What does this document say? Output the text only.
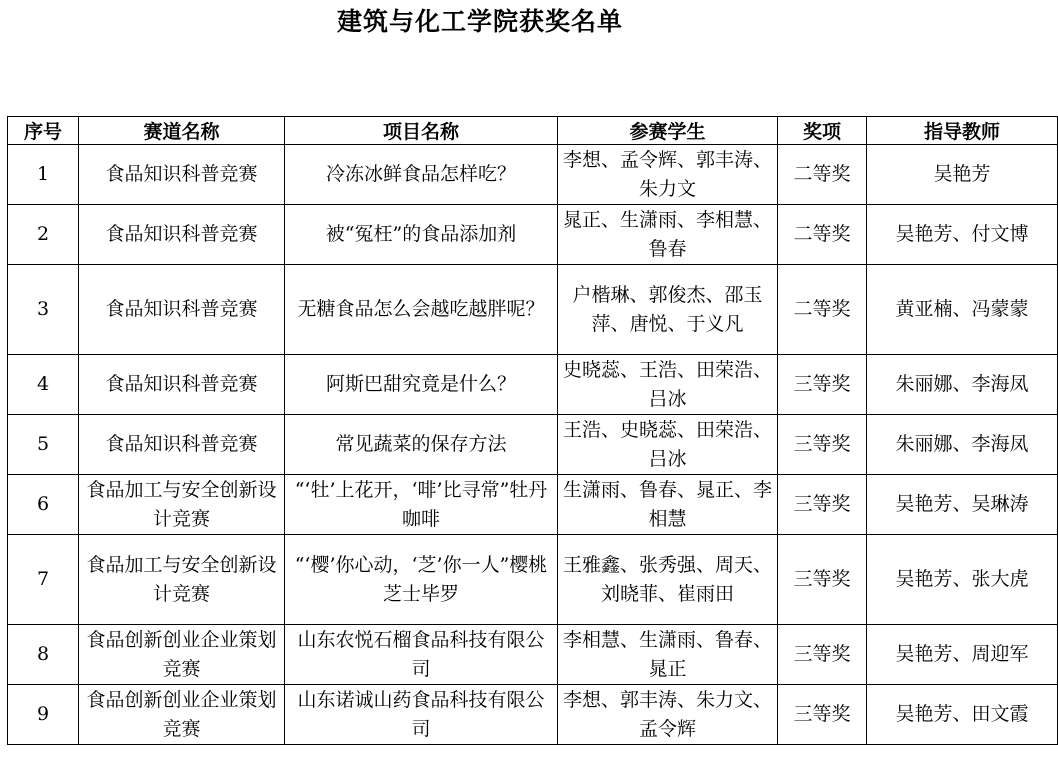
建筑与化工学院获奖名单
序号	赛道名称	项目名称	参赛学生	奖项	指导教师
1	食品知识科普竞赛	冷冻冰鲜食品怎样吃？	李想、孟令辉、郭丰涛、朱力文	二等奖	吴艳芳
2	食品知识科普竞赛	被“冤枉”的食品添加剂	晁正、生潇雨、李相慧、鲁春	二等奖	吴艳芳、付文博
3	食品知识科普竞赛	无糖食品怎么会越吃越胖呢？	户楷琳、郭俊杰、邵玉萍、唐悦、于义凡	二等奖	黄亚楠、冯蒙蒙
4	食品知识科普竞赛	阿斯巴甜究竟是什么？	史晓蕊、王浩、田荣浩、吕冰	三等奖	朱丽娜、李海凤
5	食品知识科普竞赛	常见蔬菜的保存方法	王浩、史晓蕊、田荣浩、吕冰	三等奖	朱丽娜、李海凤
6	食品加工与安全创新设计竞赛	“‘牡’上花开，‘啡’比寻常”牡丹咖啡	生潇雨、鲁春、晁正、李相慧	三等奖	吴艳芳、吴琳涛
7	食品加工与安全创新设计竞赛	“‘樱’你心动，‘芝’你一人”樱桃芝士毕罗	王雅鑫、张秀强、周天、刘晓菲、崔雨田	三等奖	吴艳芳、张大虎
8	食品创新创业企业策划竞赛	山东农悦石榴食品科技有限公司	李相慧、生潇雨、鲁春、晁正	三等奖	吴艳芳、周迎军
9	食品创新创业企业策划竞赛	山东诺诚山药食品科技有限公司	李想、郭丰涛、朱力文、孟令辉	三等奖	吴艳芳、田文霞
